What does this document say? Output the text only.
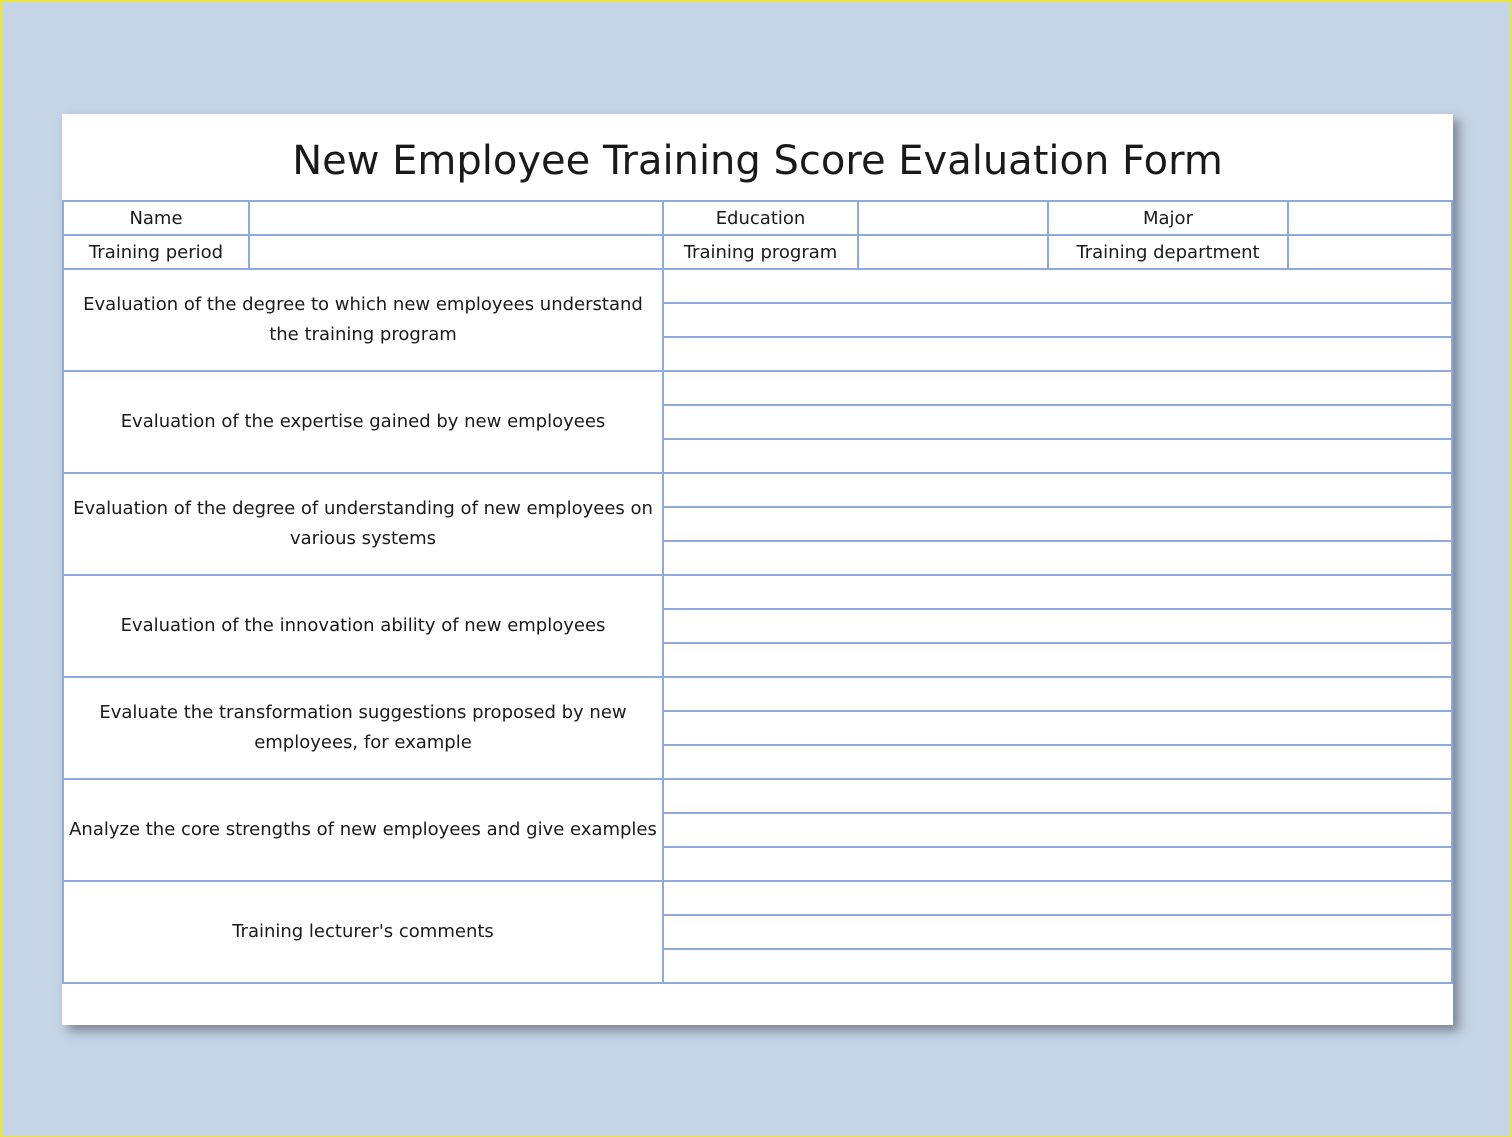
New Employee Training Score Evaluation Form
Name		Education		Major	
Training period		Training program		Training department	
Evaluation of the degree to which new employees understand the training program					

Evaluation of the expertise gained by new employees					

Evaluation of the degree of understanding of new employees on various systems					

Evaluation of the innovation ability of new employees					

Evaluate the transformation suggestions proposed by new employees, for example					

Analyze the core strengths of new employees and give examples					

Training lecturer's comments					
